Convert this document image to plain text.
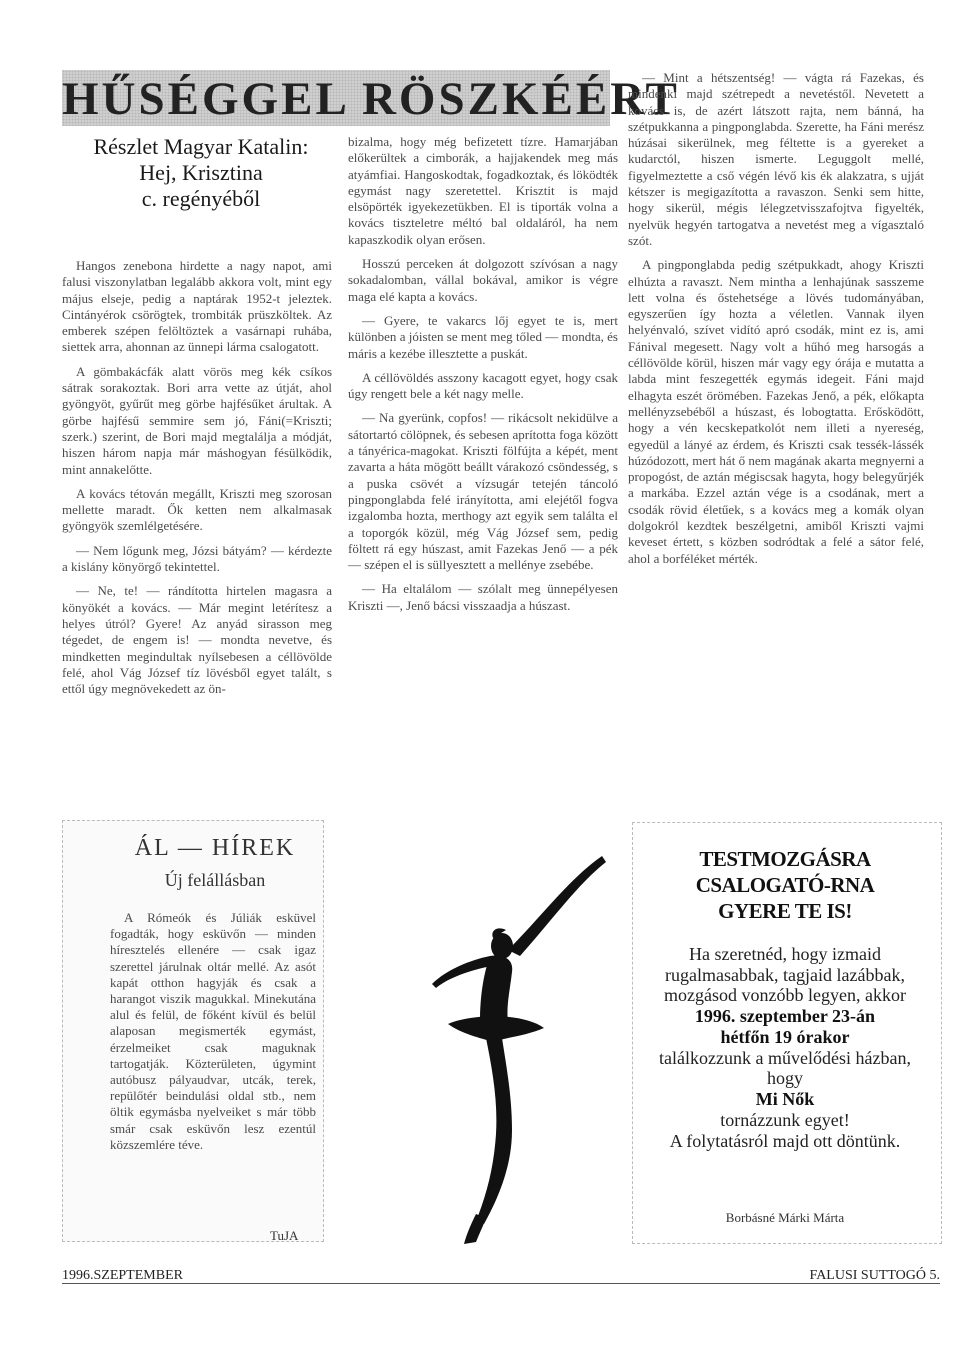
HŰSÉGGEL RÖSZKÉÉRT
Részlet Magyar Katalin:
Hej, Krisztina
c. regényéből

Hangos zenebona hirdette a nagy napot, ami falusi viszonylatban legalább akkora volt, mint egy május elseje, pedig a naptárak 1952-t jeleztek. Cintányérok csörögtek, trombiták prüszköltek. Az emberek szépen felöltöztek a vasárnapi ruhába, siettek arra, ahonnan az ünnepi lárma csalogatott.

A gömbakácfák alatt vörös meg kék csíkos sátrak sorakoztak. Bori arra vette az útját, ahol gyöngyöt, gyűrűt meg görbe hajfésűket árultak. A görbe hajfésű semmire sem jó, Fáni(=Kriszti; szerk.) szerint, de Bori majd megtalálja a módját, hiszen három napja már máshogyan fésülködik, mint annakelőtte.

A kovács tétován megállt, Kriszti meg szorosan mellette maradt. Ők ketten nem alkalmasak gyöngyök szemlélgetésére.

— Nem lőgunk meg, Józsi bátyám? — kérdezte a kislány könyörgő tekintettel.

— Ne, te! — rándította hirtelen magasra a könyökét a kovács. — Már megint letérítesz a helyes útról? Gyere! Az anyád sirasson meg tégedet, de engem is! — mondta nevetve, és mindketten megindultak nyílsebesen a céllövölde felé, ahol Vág József tíz lövésből egyet talált, s ettől úgy megnövekedett az ön-

bizalma, hogy még befizetett tízre. Hamarjában előkerültek a cimborák, a hajjakendek meg más atyámfiai. Hangoskodtak, fogadkoztak, és löködték egymást nagy szeretettel. Krisztit is majd elsöpörték igyekezetükben. El is tiporták volna a kovács tiszteletre méltó bal oldaláról, ha nem kapaszkodik olyan erősen.

Hosszú perceken át dolgozott szívósan a nagy sokadalomban, vállal bokával, amikor is végre maga elé kapta a kovács.

— Gyere, te vakarcs lőj egyet te is, mert különben a jóisten se ment meg tőled — mondta, és máris a kezébe illesztette a puskát.

A céllövöldés asszony kacagott egyet, hogy csak úgy rengett bele a két nagy melle.

— Na gyerünk, copfos! — rikácsolt nekidülve a sátortartó cölöpnek, és sebesen aprította foga között a tányérica-magokat. Kriszti fölfújta a képét, ment zavarta a háta mögött beállt várakozó csöndesség, s a puska csövét a vízsugár tetején táncoló pingponglabda felé irányította, ami elejétől fogva izgalomba hozta, merthogy azt egyik sem találta el a toporgók közül, még Vág József sem, pedig föltett rá egy húszast, amit Fazekas Jenő — a pék — szépen el is süllyesztett a mellénye zsebébe.

— Ha eltalálom — szólalt meg ünnepélyesen Kriszti —, Jenő bácsi visszaadja a húszast.

— Mint a hétszentség! — vágta rá Fazekas, és mindenki majd szétrepedt a nevetéstől. Nevetett a kovács is, de azért látszott rajta, nem bánná, ha szétpukkanna a pingponglabda. Szerette, ha Fáni merész húzásai sikerülnek, meg féltette is a gyereket a kudarctól, hiszen ismerte. Leguggolt mellé, figyelmeztette a cső végén lévő kis ék alakzatra, s ujját kétszer is megigazította a ravaszon. Senki sem hitte, hogy sikerül, mégis lélegzetvisszafojtva figyelték, nyelvük hegyén tartogatva a nevetést meg a vígasztaló szót.

A pingponglabda pedig szétpukkadt, ahogy Kriszti elhúzta a ravaszt. Nem mintha a lenhajúnak sasszeme lett volna és őstehetsége a lövés tudományában, egyszerűen így hozta a véletlen. Vannak ilyen helyénvaló, szívet vidító apró csodák, mint ez is, ami Fánival megesett. Nagy volt a hűhó meg harsogás a céllövölde körül, hiszen már vagy egy órája e mutatta a labda mint feszegették egymás idegeit. Fáni majd elhagyta eszét örömében. Fazekas Jenő, a pék, előkapta mellényzsebéből a húszast, és lobogtatta. Erősködött, hogy a vén kecskepatkolót nem illeti a nyereség, egyedül a lányé az érdem, és Kriszti csak tessék-lássék húzódozott, mert hát ő nem magának akarta megnyerni a propogóst, de aztán mégiscsak hagyta, hogy belegyűrjék a markába. Ezzel aztán vége is a csodának, mert a csodák rövid életűek, s a kovács meg a komák olyan dolgokról kezdtek beszélgetni, amiből Kriszti vajmi keveset értett, s közben sodródtak a felé a sátor felé, ahol a borféléket mérték.

ÁL — HÍREK
Új felállásban

A Rómeók és Júliák esküvel fogadták, hogy esküvőn — minden híresztelés ellenére — csak igaz szerettel járulnak oltár mellé. Az asót kapát otthon hagyják és csak a harangot viszik magukkal. Minekutána alul és felül, de főként kívül és belül alaposan megismerték egymást, érzelmeiket csak maguknak tartogatják. Közterületen, úgymint autóbusz pályaudvar, utcák, terek, repülőtér beindulási oldal stb., nem öltik egymásba nyelveiket s már több smár csak esküvőn lesz ezentúl közszemlére téve.

TuJA
TESTMOZGÁSRA
CSALOGATÓ-RNA
GYERE TE IS!
Ha szeretnéd, hogy izmaid
rugalmasabbak, tagjaid lazábbak, mozgásod vonzóbb legyen, akkor
1996. szeptember 23-án
hétfőn 19 órakor
találkozzunk a művelődési házban, hogy
Mi Nők
tornázzunk egyet!
A folytatásról majd ott döntünk.
Borbásné Márki Márta
1996.SZEPTEMBER	FALUSI SUTTOGÓ 5.
